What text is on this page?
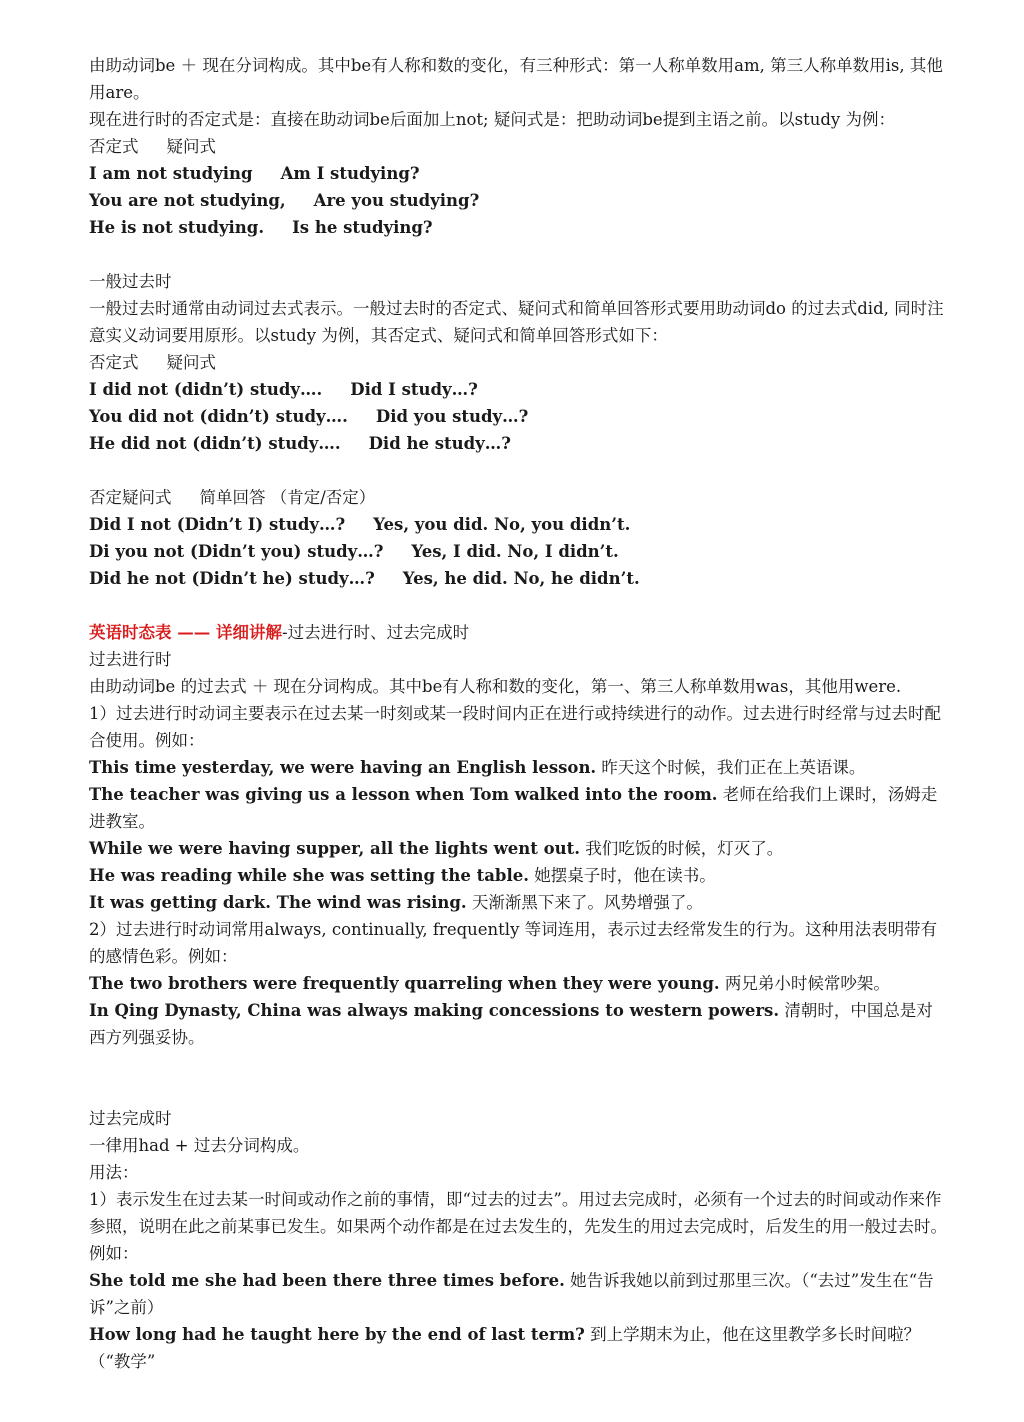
由助动词be ＋ 现在分词构成。其中be有人称和数的变化，有三种形式：第一人称单数用am, 第三人称单数用is, 其他用are。

现在进行时的否定式是：直接在助动词be后面加上not; 疑问式是：把助动词be提到主语之前。以study 为例：

否定式 疑问式

I am not studying Am I studying?

You are not studying, Are you studying?

He is not studying. Is he studying?

一般过去时

一般过去时通常由动词过去式表示。一般过去时的否定式、疑问式和简单回答形式要用助动词do 的过去式did, 同时注意实义动词要用原形。以study 为例，其否定式、疑问式和简单回答形式如下：

否定式 疑问式

I did not (didn’t) study…. Did I study…?

You did not (didn’t) study…. Did you study…?

He did not (didn’t) study…. Did he study…?

否定疑问式 简单回答 （肯定/否定）

Did I not (Didn’t I) study…? Yes, you did. No, you didn’t.

Di you not (Didn’t you) study…? Yes, I did. No, I didn’t.

Did he not (Didn’t he) study…? Yes, he did. No, he didn’t.

英语时态表 —— 详细讲解-过去进行时、过去完成时

过去进行时

由助动词be 的过去式 ＋ 现在分词构成。其中be有人称和数的变化，第一、第三人称单数用was，其他用were.

1）过去进行时动词主要表示在过去某一时刻或某一段时间内正在进行或持续进行的动作。过去进行时经常与过去时配合使用。例如：

This time yesterday, we were having an English lesson. 昨天这个时候，我们正在上英语课。

The teacher was giving us a lesson when Tom walked into the room. 老师在给我们上课时，汤姆走进教室。

While we were having supper, all the lights went out. 我们吃饭的时候，灯灭了。

He was reading while she was setting the table. 她摆桌子时，他在读书。

It was getting dark. The wind was rising. 天渐渐黑下来了。风势增强了。

2）过去进行时动词常用always, continually, frequently 等词连用，表示过去经常发生的行为。这种用法表明带有的感情色彩。例如：

The two brothers were frequently quarreling when they were young. 两兄弟小时候常吵架。

In Qing Dynasty, China was always making concessions to western powers. 清朝时，中国总是对西方列强妥协。

过去完成时

一律用had + 过去分词构成。

用法：

1）表示发生在过去某一时间或动作之前的事情，即“过去的过去”。用过去完成时，必须有一个过去的时间或动作来作参照，说明在此之前某事已发生。如果两个动作都是在过去发生的，先发生的用过去完成时，后发生的用一般过去时。例如：

She told me she had been there three times before. 她告诉我她以前到过那里三次。（“去过”发生在“告诉”之前）

How long had he taught here by the end of last term? 到上学期末为止，他在这里教学多长时间啦？ （“教学”
